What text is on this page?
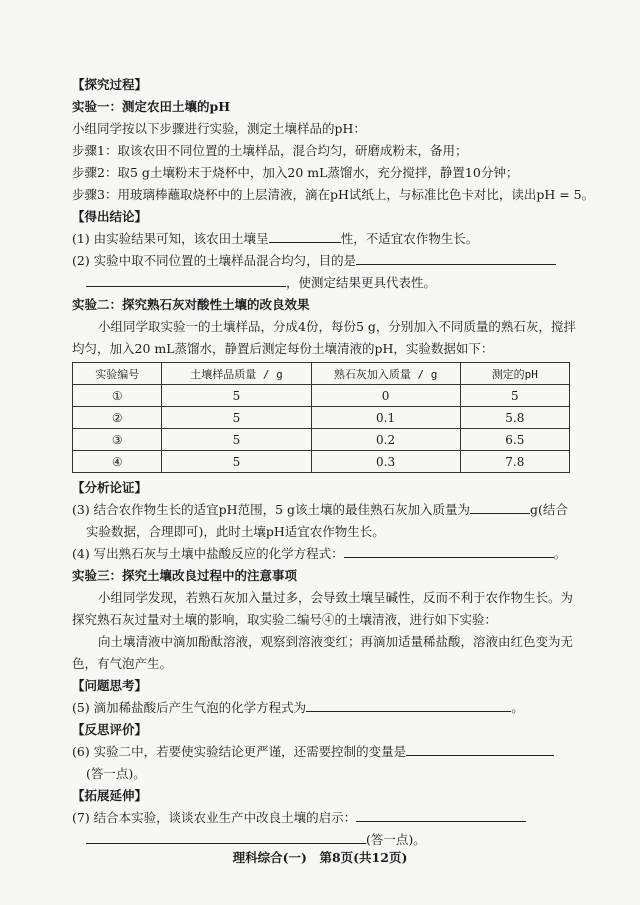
【探究过程】
实验一：测定农田土壤的pH
小组同学按以下步骤进行实验，测定土壤样品的pH：
步骤1：取该农田不同位置的土壤样品，混合均匀，研磨成粉末，备用；
步骤2：取5 g土壤粉末于烧杯中，加入20 mL蒸馏水，充分搅拌，静置10分钟；
步骤3：用玻璃棒蘸取烧杯中的上层清液，滴在pH试纸上，与标准比色卡对比，读出pH = 5。
【得出结论】
(1) 由实验结果可知，该农田土壤呈	性，不适宜农作物生长。
(2) 实验中取不同位置的土壤样品混合均匀，目的是
，使测定结果更具代表性。
实验二：探究熟石灰对酸性土壤的改良效果
小组同学取实验一的土壤样品，分成4份，每份5 g，分别加入不同质量的熟石灰，搅拌
均匀，加入20 mL蒸馏水，静置后测定每份土壤清液的pH，实验数据如下：
实验编号	土壤样品质量 / g	熟石灰加入质量 / g	测定的pH
①	5	0	5
②	5	0.1	5.8
③	5	0.2	6.5
④	5	0.3	7.8
【分析论证】
(3) 结合农作物生长的适宜pH范围，5 g该土壤的最佳熟石灰加入质量为	g(结合
实验数据，合理即可)，此时土壤pH适宜农作物生长。
(4) 写出熟石灰与土壤中盐酸反应的化学方程式：	。
实验三：探究土壤改良过程中的注意事项
小组同学发现，若熟石灰加入量过多，会导致土壤呈碱性，反而不利于农作物生长。为
探究熟石灰过量对土壤的影响，取实验二编号④的土壤清液，进行如下实验：
向土壤清液中滴加酚酞溶液，观察到溶液变红；再滴加适量稀盐酸，溶液由红色变为无
色，有气泡产生。
【问题思考】
(5) 滴加稀盐酸后产生气泡的化学方程式为	。
【反思评价】
(6) 实验二中，若要使实验结论更严谨，还需要控制的变量是
(答一点)。
【拓展延伸】
(7) 结合本实验，谈谈农业生产中改良土壤的启示：
(答一点)。
理科综合(一)　第8页(共12页)
